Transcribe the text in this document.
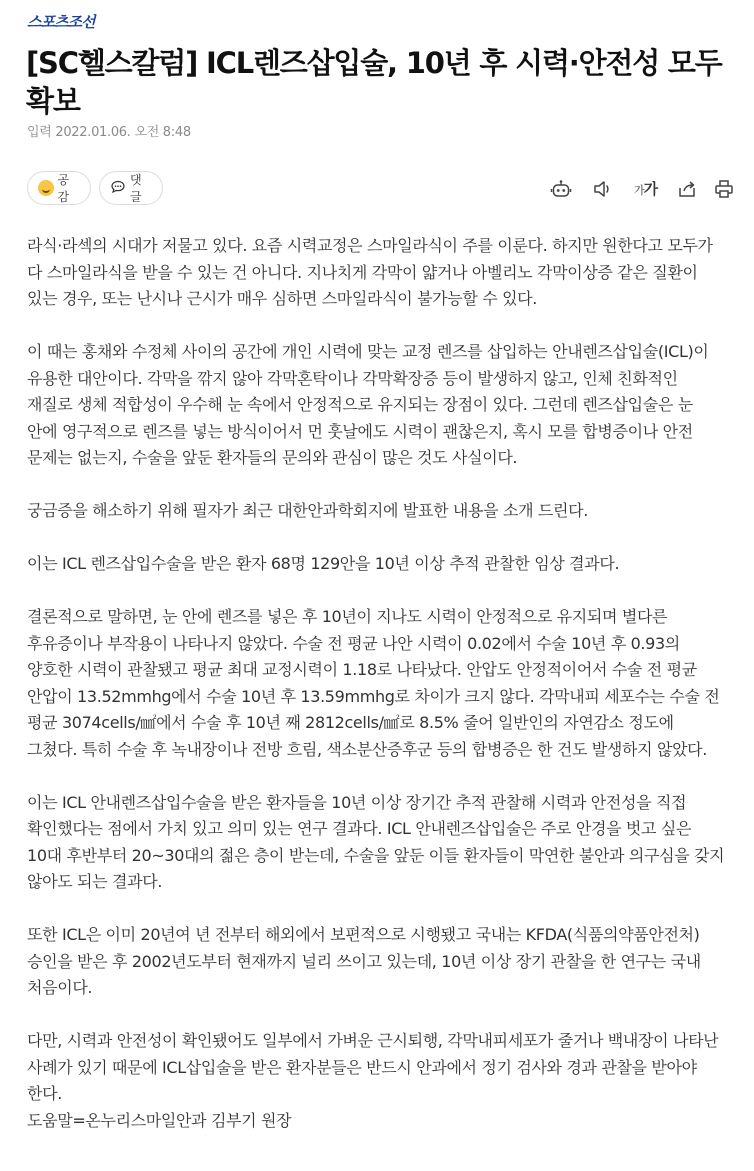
스포츠조선
[SC헬스칼럼] ICL렌즈삽입술, 10년 후 시력·안전성 모두 확보
입력 2022.01.06. 오전 8:48
공감
댓글	가가

라식·라섹의 시대가 저물고 있다. 요즘 시력교정은 스마일라식이 주를 이룬다. 하지만 원한다고 모두가 다 스마일라식을 받을 수 있는 건 아니다. 지나치게 각막이 얇거나 아벨리노 각막이상증 같은 질환이 있는 경우, 또는 난시나 근시가 매우 심하면 스마일라식이 불가능할 수 있다.

이 때는 홍채와 수정체 사이의 공간에 개인 시력에 맞는 교정 렌즈를 삽입하는 안내렌즈삽입술(ICL)이 유용한 대안이다. 각막을 깎지 않아 각막혼탁이나 각막확장증 등이 발생하지 않고, 인체 친화적인 재질로 생체 적합성이 우수해 눈 속에서 안정적으로 유지되는 장점이 있다. 그런데 렌즈삽입술은 눈 안에 영구적으로 렌즈를 넣는 방식이어서 먼 훗날에도 시력이 괜찮은지, 혹시 모를 합병증이나 안전 문제는 없는지, 수술을 앞둔 환자들의 문의와 관심이 많은 것도 사실이다.

궁금증을 해소하기 위해 필자가 최근 대한안과학회지에 발표한 내용을 소개 드린다.

이는 ICL 렌즈삽입수술을 받은 환자 68명 129안을 10년 이상 추적 관찰한 임상 결과다.

결론적으로 말하면, 눈 안에 렌즈를 넣은 후 10년이 지나도 시력이 안정적으로 유지되며 별다른 후유증이나 부작용이 나타나지 않았다. 수술 전 평균 나안 시력이 0.02에서 수술 10년 후 0.93의 양호한 시력이 관찰됐고 평균 최대 교정시력이 1.18로 나타났다. 안압도 안정적이어서 수술 전 평균 안압이 13.52mmhg에서 수술 10년 후 13.59mmhg로 차이가 크지 않다. 각막내피 세포수는 수술 전 평균 3074cells/㎟에서 수술 후 10년 째 2812cells/㎟로 8.5% 줄어 일반인의 자연감소 정도에 그쳤다. 특히 수술 후 녹내장이나 전방 흐림, 색소분산증후군 등의 합병증은 한 건도 발생하지 않았다.

이는 ICL 안내렌즈삽입수술을 받은 환자들을 10년 이상 장기간 추적 관찰해 시력과 안전성을 직접 확인했다는 점에서 가치 있고 의미 있는 연구 결과다. ICL 안내렌즈삽입술은 주로 안경을 벗고 싶은 10대 후반부터 20~30대의 젊은 층이 받는데, 수술을 앞둔 이들 환자들이 막연한 불안과 의구심을 갖지 않아도 되는 결과다.

또한 ICL은 이미 20년여 년 전부터 해외에서 보편적으로 시행됐고 국내는 KFDA(식품의약품안전처)승인을 받은 후 2002년도부터 현재까지 널리 쓰이고 있는데, 10년 이상 장기 관찰을 한 연구는 국내 처음이다.

다만, 시력과 안전성이 확인됐어도 일부에서 가벼운 근시퇴행, 각막내피세포가 줄거나 백내장이 나타난 사례가 있기 때문에 ICL삽입술을 받은 환자분들은 반드시 안과에서 정기 검사와 경과 관찰을 받아야 한다.

도움말=온누리스마일안과 김부기 원장
